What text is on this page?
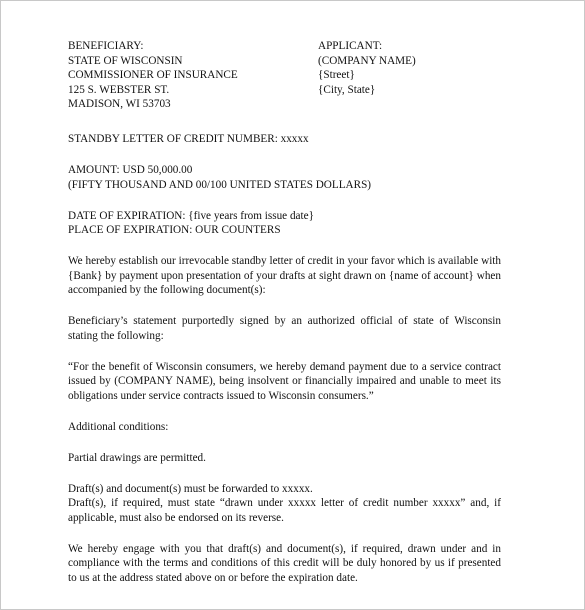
BENEFICIARY:
STATE OF WISCONSIN
COMMISSIONER OF INSURANCE
125 S. WEBSTER ST.
MADISON, WI 53703
APPLICANT:
(COMPANY NAME)
{Street}
{City, State}
STANDBY LETTER OF CREDIT NUMBER: xxxxx
AMOUNT: USD 50,000.00
(FIFTY THOUSAND AND 00/100 UNITED STATES DOLLARS)
DATE OF EXPIRATION: {five years from issue date}
PLACE OF EXPIRATION: OUR COUNTERS
We hereby establish our irrevocable standby letter of credit in your favor which is available with {Bank} by payment upon presentation of your drafts at sight drawn on {name of account} when accompanied by the following document(s):
Beneficiary’s statement purportedly signed by an authorized official of state of Wisconsin stating the following:
“For the benefit of Wisconsin consumers, we hereby demand payment due to a service contract issued by (COMPANY NAME), being insolvent or financially impaired and unable to meet its obligations under service contracts issued to Wisconsin consumers.”
Additional conditions:
Partial drawings are permitted.
Draft(s) and document(s) must be forwarded to xxxxx.
Draft(s), if required, must state “drawn under xxxxx letter of credit number xxxxx” and, if applicable, must also be endorsed on its reverse.
We hereby engage with you that draft(s) and document(s), if required, drawn under and in compliance with the terms and conditions of this credit will be duly honored by us if presented to us at the address stated above on or before the expiration date.
